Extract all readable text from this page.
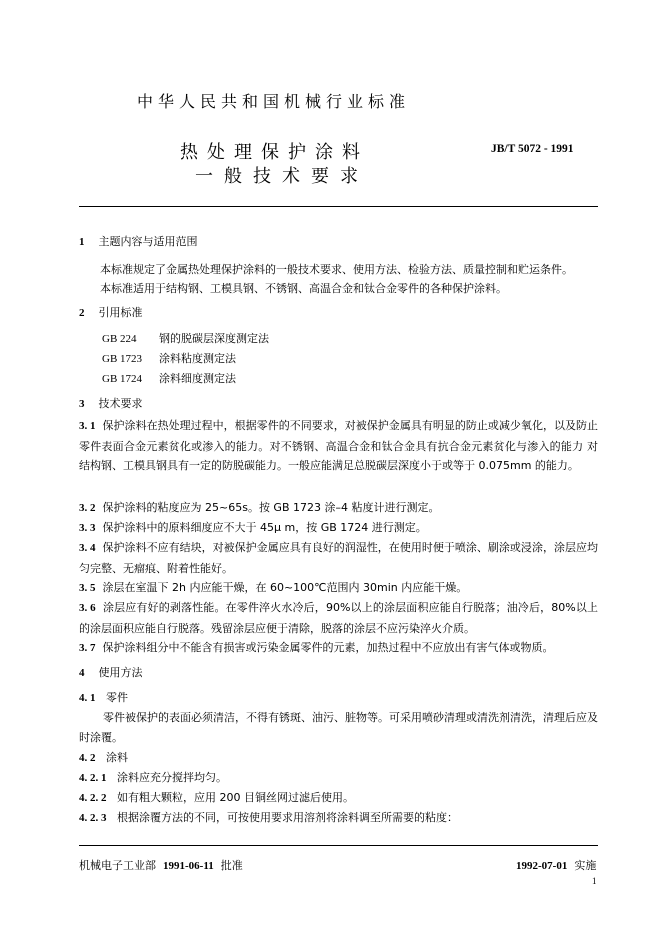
中华人民共和国机械行业标准
热处理保护涂料
一般技术要求
JB/T 5072 - 1991
1 主题内容与适用范围
本标准规定了金属热处理保护涂料的一般技术要求、使用方法、检验方法、质量控制和贮运条件。
本标准适用于结构钢、工模具钢、不锈钢、高温合金和钛合金零件的各种保护涂料。
2 引用标准
GB 224 钢的脱碳层深度测定法
GB 1723 涂料粘度测定法
GB 1724 涂料细度测定法
3 技术要求
3. 1 保护涂料在热处理过程中，根据零件的不同要求，对被保护金属具有明显的防止或减少氧化，以及防止零件表面合金元素贫化或渗入的能力。对不锈钢、高温合金和钛合金具有抗合金元素贫化与渗入的能力 对结构钢、工模具钢具有一定的防脱碳能力。一般应能满足总脱碳层深度小于或等于 0.075mm 的能力。
3. 2 保护涂料的粘度应为 25~65s。按 GB 1723 涂–4 粘度计进行测定。
3. 3 保护涂料中的原料细度应不大于 45μ m，按 GB 1724 进行测定。
3. 4 保护涂料不应有结块，对被保护金属应具有良好的润湿性，在使用时便于喷涂、刷涂或浸涂，涂层应均匀完整、无瘤痕、附着性能好。
3. 5 涂层在室温下 2h 内应能干燥，在 60~100℃范围内 30min 内应能干燥。
3. 6 涂层应有好的剥落性能。在零件淬火水冷后，90%以上的涂层面积应能自行脱落；油冷后，80%以上的涂层面积应能自行脱落。残留涂层应便于清除，脱落的涂层不应污染淬火介质。
3. 7 保护涂料组分中不能含有损害或污染金属零件的元素，加热过程中不应放出有害气体或物质。
4 使用方法
4. 1 零件
零件被保护的表面必须清洁，不得有锈斑、油污、脏物等。可采用喷砂清理或清洗剂清洗，清理后应及时涂覆。
4. 2 涂料
4. 2. 1 涂料应充分搅拌均匀。
4. 2. 2 如有粗大颗粒，应用 200 目铜丝网过滤后使用。
4. 2. 3 根据涂覆方法的不同，可按使用要求用溶剂将涂料调至所需要的粘度：
机械电子工业部 1991-06-11 批准	1992-07-01 实施
1
